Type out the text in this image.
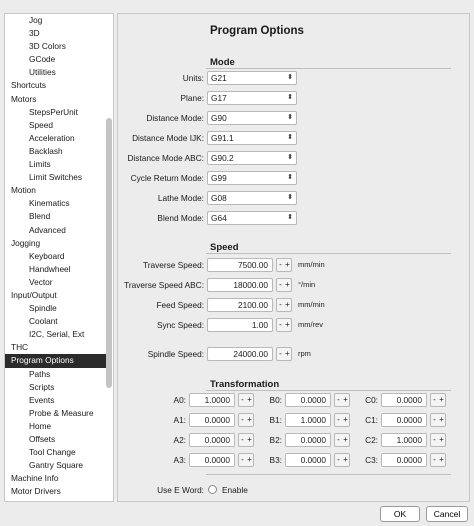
Jog
3D
3D Colors
GCode
Utilities
Shortcuts
Motors
StepsPerUnit
Speed
Acceleration
Backlash
Limits
Limit Switches
Motion
Kinematics
Blend
Advanced
Jogging
Keyboard
Handwheel
Vector
Input/Output
Spindle
Coolant
I2C, Serial, Ext
THC
Program Options
Paths
Scripts
Events
Probe & Measure
Home
Offsets
Tool Change
Gantry Square
Machine Info
Motor Drivers
Program Options
Mode
Units: G21	⬍
Plane: G17	⬍
Distance Mode: G90	⬍
Distance Mode IJK: G91.1	⬍
Distance Mode ABC: G90.2	⬍
Cycle Return Mode: G99	⬍
Lathe Mode: G08	⬍
Blend Mode: G64	⬍
Speed
Traverse Speed:	7500.00	- + mm/min
Traverse Speed ABC:	18000.00	- + °/min
Feed Speed:	2100.00	- + mm/min
Sync Speed:	1.00	- + mm/rev
Spindle Speed:	24000.00	- + rpm
Transformation
A0:	1.0000	- +	B0:	0.0000	- +	C0:	0.0000	- +
A1:	0.0000	- +	B1:	1.0000	- +	C1:	0.0000	- +
A2:	0.0000	- +	B2:	0.0000	- +	C2:	1.0000	- +
A3:	0.0000	- +	B3:	0.0000	- +	C3:	0.0000	- +
Use E Word: Enable
OK	Cancel
